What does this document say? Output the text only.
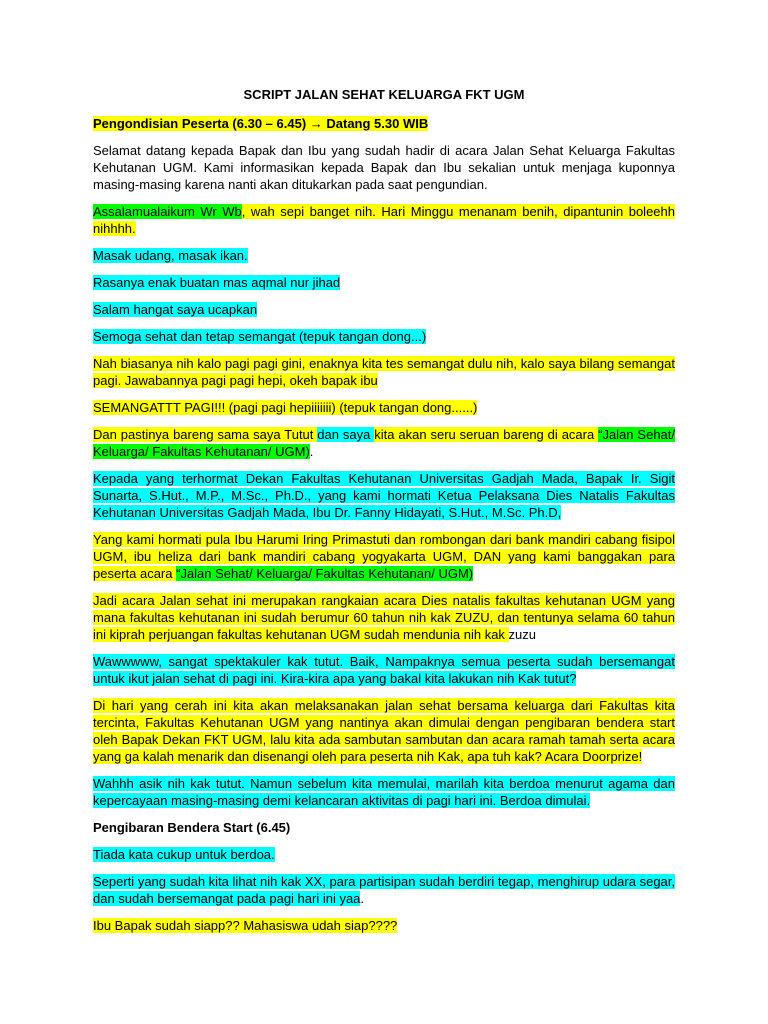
SCRIPT JALAN SEHAT KELUARGA FKT UGM

Pengondisian Peserta (6.30 – 6.45) → Datang 5.30 WIB

Selamat datang kepada Bapak dan Ibu yang sudah hadir di acara Jalan Sehat Keluarga Fakultas Kehutanan UGM. Kami informasikan kepada Bapak dan Ibu sekalian untuk menjaga kuponnya masing-masing karena nanti akan ditukarkan pada saat pengundian.

Assalamualaikum Wr Wb, wah sepi banget nih. Hari Minggu menanam benih, dipantunin boleehh nihhhh.

Masak udang, masak ikan.

Rasanya enak buatan mas aqmal nur jihad

Salam hangat saya ucapkan

Semoga sehat dan tetap semangat (tepuk tangan dong...)

Nah biasanya nih kalo pagi pagi gini, enaknya kita tes semangat dulu nih, kalo saya bilang semangat pagi. Jawabannya pagi pagi hepi, okeh bapak ibu

SEMANGATTT PAGI!!! (pagi pagi hepiiiiiii) (tepuk tangan dong......)

Dan pastinya bareng sama saya Tutut dan saya kita akan seru seruan bareng di acara “Jalan Sehat/ Keluarga/ Fakultas Kehutanan/ UGM).

Kepada yang terhormat Dekan Fakultas Kehutanan Universitas Gadjah Mada, Bapak Ir. Sigit Sunarta, S.Hut., M.P., M.Sc., Ph.D., yang kami hormati Ketua Pelaksana Dies Natalis Fakultas Kehutanan Universitas Gadjah Mada, Ibu Dr. Fanny Hidayati, S.Hut., M.Sc. Ph.D,

Yang kami hormati pula Ibu Harumi Iring Primastuti dan rombongan dari bank mandiri cabang fisipol UGM, ibu heliza dari bank mandiri cabang yogyakarta UGM, DAN yang kami banggakan para peserta acara “Jalan Sehat/ Keluarga/ Fakultas Kehutanan/ UGM)

Jadi acara Jalan sehat ini merupakan rangkaian acara Dies natalis fakultas kehutanan UGM yang mana fakultas kehutanan ini sudah berumur 60 tahun nih kak ZUZU, dan tentunya selama 60 tahun ini kiprah perjuangan fakultas kehutanan UGM sudah mendunia nih kak zuzu

Wawwwww, sangat spektakuler kak tutut. Baik, Nampaknya semua peserta sudah bersemangat untuk ikut jalan sehat di pagi ini. Kira-kira apa yang bakal kita lakukan nih Kak tutut?

Di hari yang cerah ini kita akan melaksanakan jalan sehat bersama keluarga dari Fakultas kita tercinta, Fakultas Kehutanan UGM yang nantinya akan dimulai dengan pengibaran bendera start oleh Bapak Dekan FKT UGM, lalu kita ada sambutan sambutan dan acara ramah tamah serta acara yang ga kalah menarik dan disenangi oleh para peserta nih Kak, apa tuh kak? Acara Doorprize!

Wahhh asik nih kak tutut. Namun sebelum kita memulai, marilah kita berdoa menurut agama dan kepercayaan masing-masing demi kelancaran aktivitas di pagi hari ini. Berdoa dimulai.

Pengibaran Bendera Start (6.45)

Tiada kata cukup untuk berdoa.

Seperti yang sudah kita lihat nih kak XX, para partisipan sudah berdiri tegap, menghirup udara segar, dan sudah bersemangat pada pagi hari ini yaa.

Ibu Bapak sudah siapp?? Mahasiswa udah siap????
